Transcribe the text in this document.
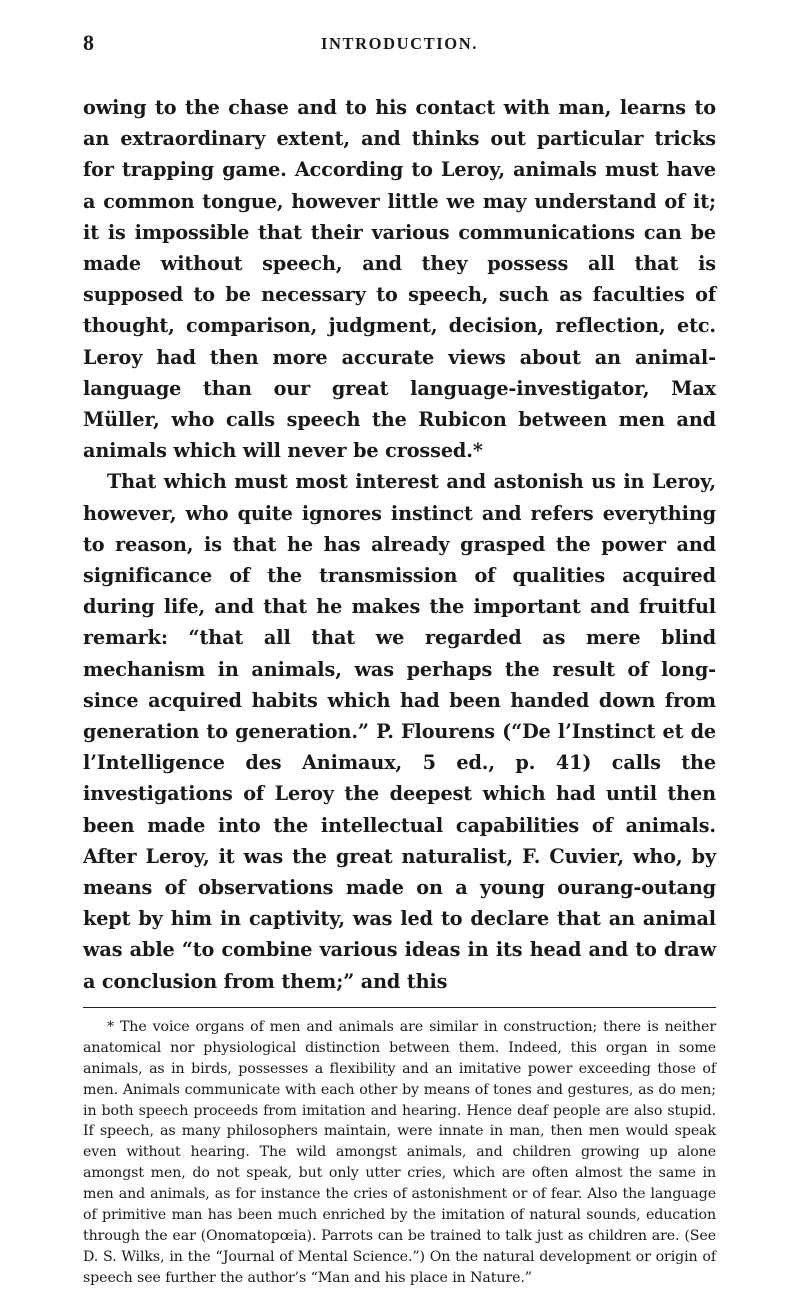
8	INTRODUCTION.

owing to the chase and to his contact with man, learns to an extraordinary extent, and thinks out particular tricks for trapping game. According to Leroy, animals must have a common tongue, however little we may understand of it; it is impossible that their various communications can be made without speech, and they possess all that is supposed to be necessary to speech, such as faculties of thought, comparison, judgment, decision, reflection, etc. Leroy had then more accurate views about an animal-language than our great language-investigator, Max Müller, who calls speech the Rubicon between men and animals which will never be crossed.*

That which must most interest and astonish us in Leroy, however, who quite ignores instinct and refers everything to reason, is that he has already grasped the power and significance of the transmission of qualities acquired during life, and that he makes the important and fruitful remark: “that all that we regarded as mere blind mechanism in animals, was perhaps the result of long-since acquired habits which had been handed down from generation to generation.” P. Flourens (“De l’Instinct et de l’Intelligence des Animaux, 5 ed., p. 41) calls the investigations of Leroy the deepest which had until then been made into the intellectual capabilities of animals. After Leroy, it was the great naturalist, F. Cuvier, who, by means of observations made on a young ourang-outang kept by him in captivity, was led to declare that an animal was able “to combine various ideas in its head and to draw a conclusion from them;” and this

* The voice organs of men and animals are similar in construction; there is neither anatomical nor physiological distinction between them. Indeed, this organ in some animals, as in birds, possesses a flexibility and an imitative power exceeding those of men. Animals communicate with each other by means of tones and gestures, as do men; in both speech proceeds from imitation and hearing. Hence deaf people are also stupid. If speech, as many philosophers maintain, were innate in man, then men would speak even without hearing. The wild amongst animals, and children growing up alone amongst men, do not speak, but only utter cries, which are often almost the same in men and animals, as for instance the cries of astonishment or of fear. Also the language of primitive man has been much enriched by the imitation of natural sounds, education through the ear (Onomatopœia). Parrots can be trained to talk just as children are. (See D. S. Wilks, in the “Journal of Mental Science.”) On the natural development or origin of speech see further the author’s “Man and his place in Nature.”
